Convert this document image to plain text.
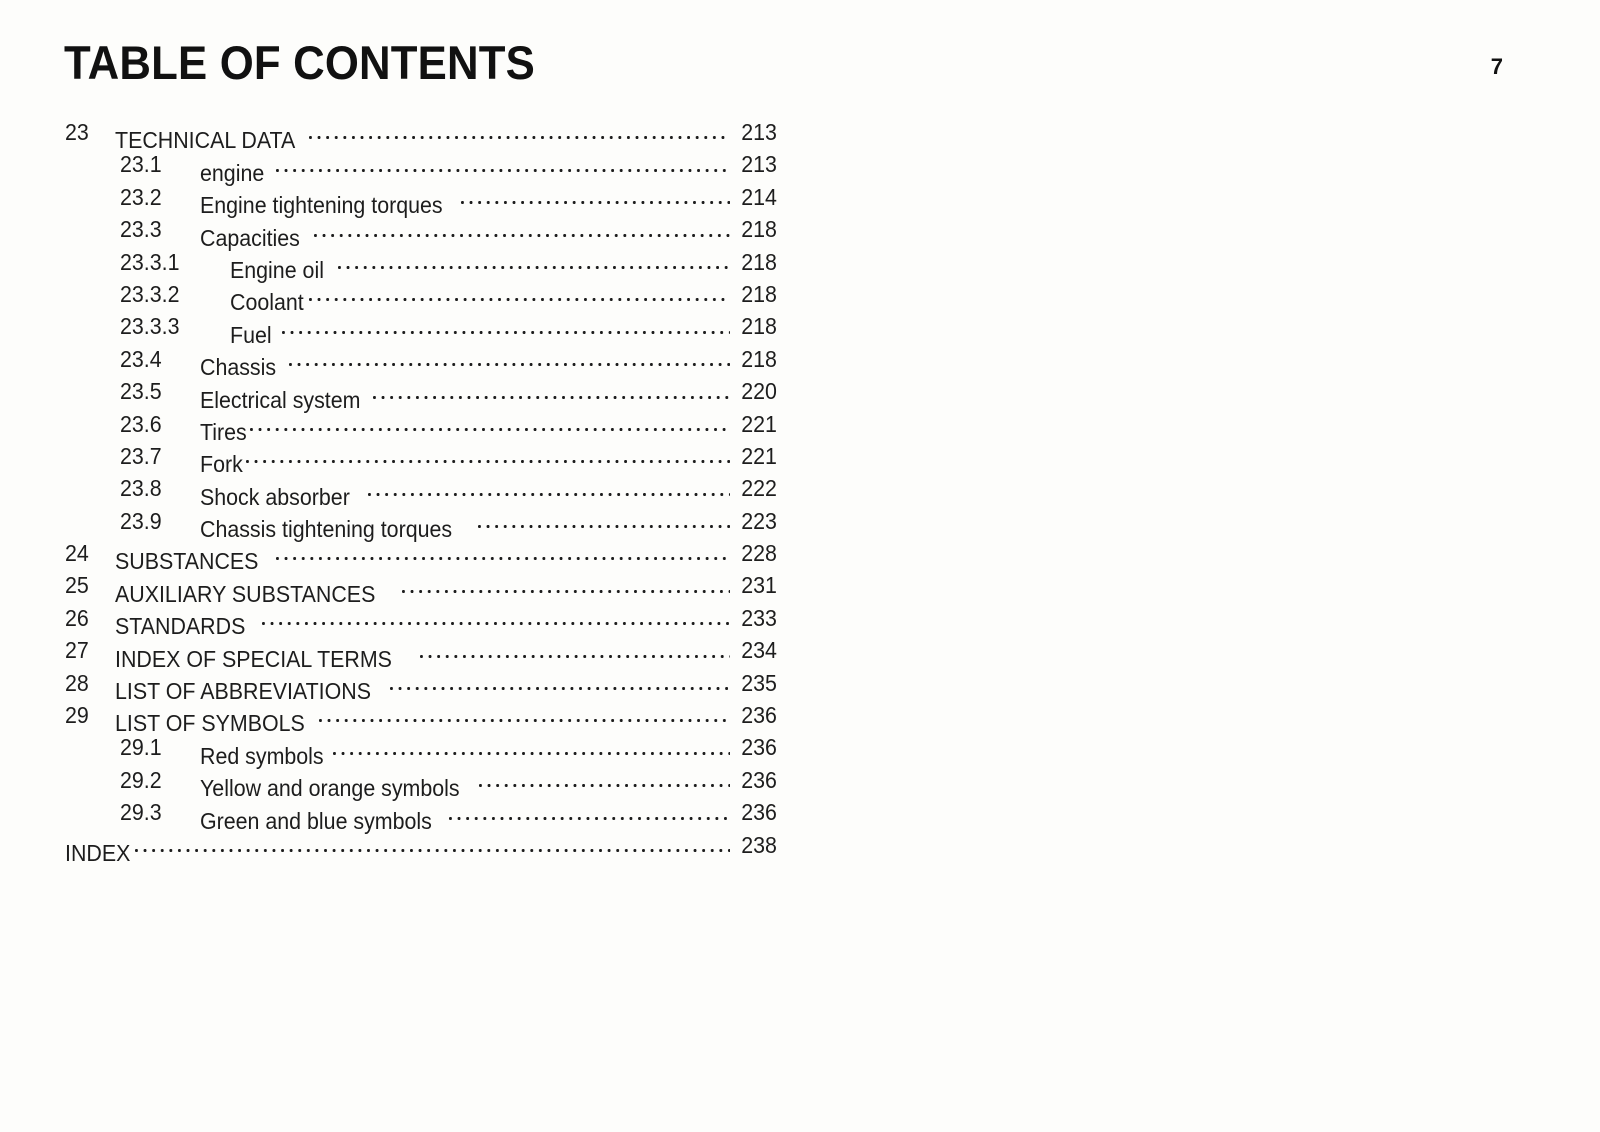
TABLE OF CONTENTS	7
23 TECHNICAL DATA	213
23.1 engine	213
23.2 Engine tightening torques	214
23.3 Capacities	218
23.3.1 Engine oil	218
23.3.2 Coolant	218
23.3.3 Fuel	218
23.4 Chassis	218
23.5 Electrical system	220
23.6 Tires	221
23.7 Fork	221
23.8 Shock absorber	222
23.9 Chassis tightening torques	223
24 SUBSTANCES	228
25 AUXILIARY SUBSTANCES	231
26 STANDARDS	233
27 INDEX OF SPECIAL TERMS	234
28 LIST OF ABBREVIATIONS	235
29 LIST OF SYMBOLS	236
29.1 Red symbols	236
29.2 Yellow and orange symbols	236
29.3 Green and blue symbols	236
INDEX	238
